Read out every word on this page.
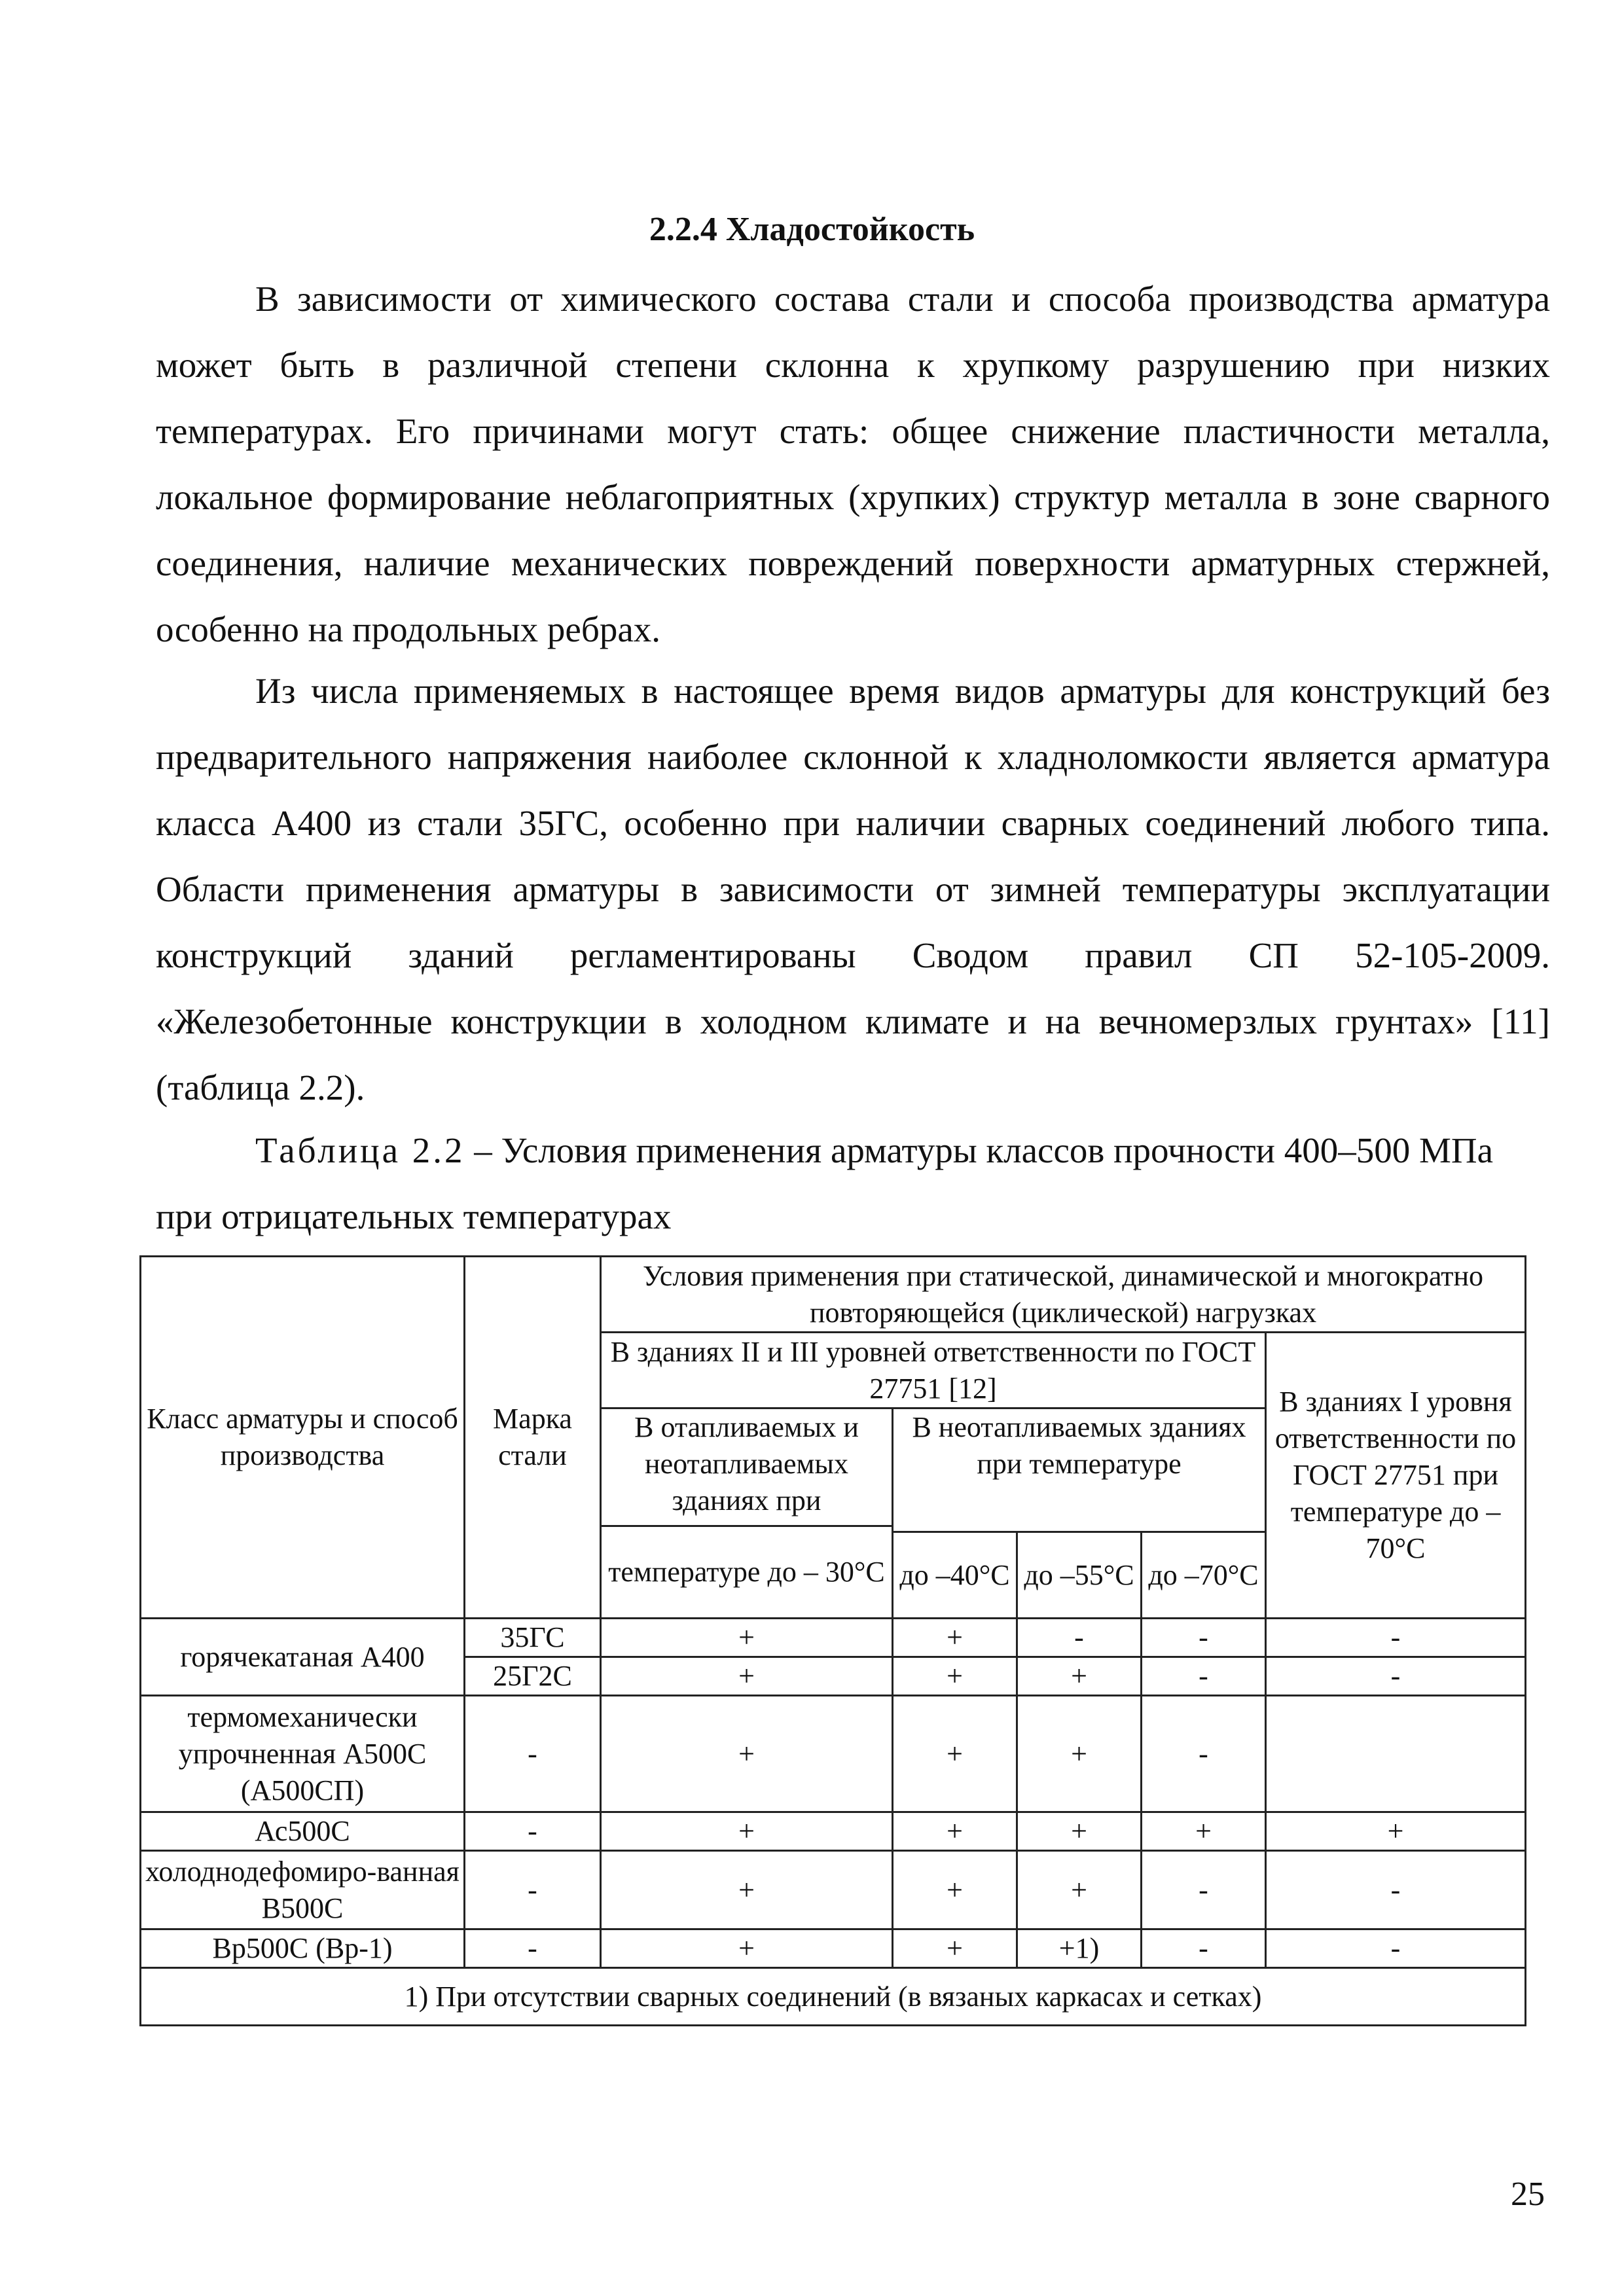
2.2.4 Хладостойкость

В зависимости от химического состава стали и способа производства арматура может быть в различной степени склонна к хрупкому разрушению при низких температурах. Его причинами могут стать: общее снижение пластичности металла, локальное формирование неблагоприятных (хрупких) структур металла в зоне сварного соединения, наличие механических повреждений поверхности арматурных стержней, особенно на продольных ребрах.

Из числа применяемых в настоящее время видов арматуры для конструкций без предварительного напряжения наиболее склонной к хладноломкости является арматура класса А400 из стали 35ГС, особенно при наличии сварных соединений любого типа. Области применения арматуры в зависимости от зимней температуры эксплуатации конструкций зданий регламентированы Сводом правил СП 52-105-2009. «Железобетонные конструкции в холодном климате и на вечномерзлых грунтах» [11] (таблица 2.2).

Таблица 2.2 – Условия применения арматуры классов прочности 400–500 МПа при отрицательных температурах

Класс арматуры и способ производства	Марка стали	Условия применения при статической, динамической и многократно повторяющейся (циклической) нагрузках				
		В зданиях II и III уровней ответственности по ГОСТ 27751 [12]				В зданиях I уровня ответственности по ГОСТ 27751 при температуре до –70°С
		В отапливаемых и неотапливаемых зданиях при	В неотапливаемых зданиях при температуре			
		температуре до – 30°С				
			до –40°С	до –55°С	до –70°С	
горячекатаная А400	35ГС	+	+	-	-	-
	25Г2С	+	+	+	-	-
термомеханически упрочненная А500С (А500СП)	-	+	+	+	-	
Ас500С	-	+	+	+	+	+
холоднодефомиро-ванная В500С	-	+	+	+	-	-
Вр500С (Вр-1)	-	+	+	+1)	-	-
1) При отсутствии сварных соединений (в вязаных каркасах и сетках)						

25
